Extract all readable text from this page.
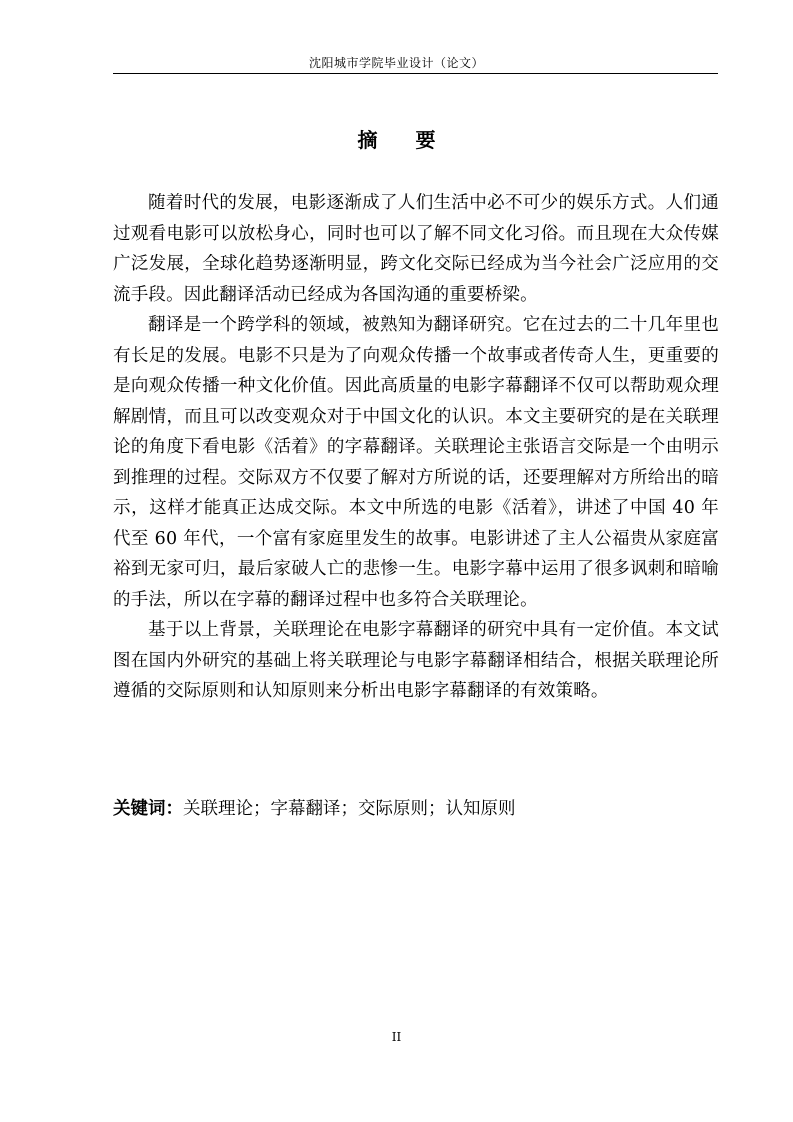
沈阳城市学院毕业设计（论文）
摘要

随着时代的发展，电影逐渐成了人们生活中必不可少的娱乐方式。人们通过观看电影可以放松身心，同时也可以了解不同文化习俗。而且现在大众传媒广泛发展，全球化趋势逐渐明显，跨文化交际已经成为当今社会广泛应用的交流手段。因此翻译活动已经成为各国沟通的重要桥梁。

翻译是一个跨学科的领域，被熟知为翻译研究。它在过去的二十几年里也有长足的发展。电影不只是为了向观众传播一个故事或者传奇人生，更重要的是向观众传播一种文化价值。因此高质量的电影字幕翻译不仅可以帮助观众理解剧情，而且可以改变观众对于中国文化的认识。本文主要研究的是在关联理论的角度下看电影《活着》的字幕翻译。关联理论主张语言交际是一个由明示到推理的过程。交际双方不仅要了解对方所说的话，还要理解对方所给出的暗示，这样才能真正达成交际。本文中所选的电影《活着》，讲述了中国 40 年代至 60 年代，一个富有家庭里发生的故事。电影讲述了主人公福贵从家庭富裕到无家可归，最后家破人亡的悲惨一生。电影字幕中运用了很多讽刺和暗喻的手法，所以在字幕的翻译过程中也多符合关联理论。

基于以上背景，关联理论在电影字幕翻译的研究中具有一定价值。本文试图在国内外研究的基础上将关联理论与电影字幕翻译相结合，根据关联理论所遵循的交际原则和认知原则来分析出电影字幕翻译的有效策略。

关键词：关联理论；字幕翻译；交际原则；认知原则
II
